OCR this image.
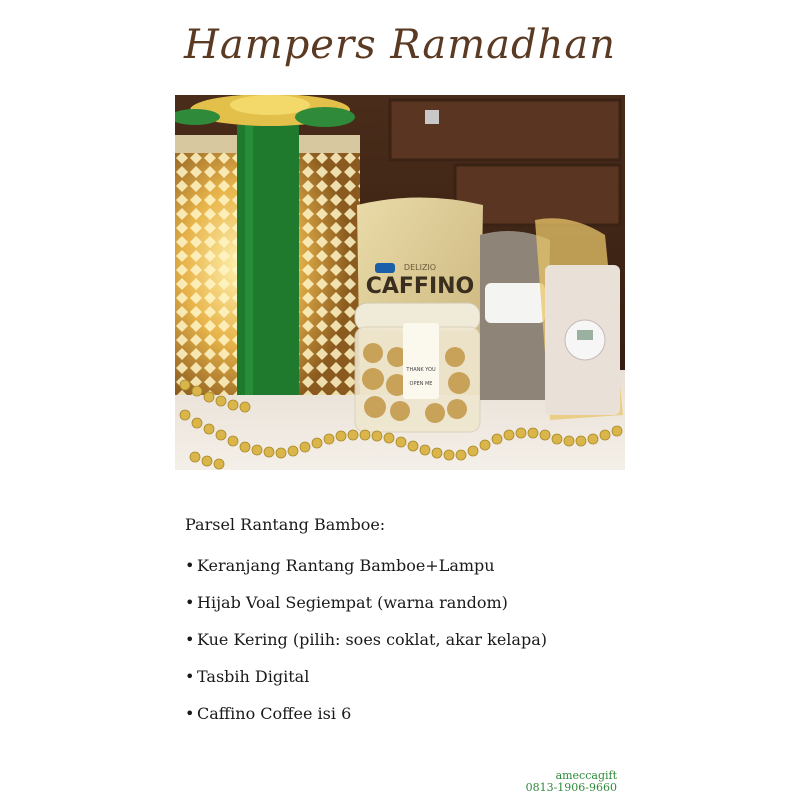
Hampers Ramadhan
DELIZIO
CAFFINO
THANK YOU
OPEN ME
Parsel Rantang Bamboe:
• Keranjang Rantang Bamboe+Lampu
• Hijab Voal Segiempat (warna random)
• Kue Kering (pilih: soes coklat, akar kelapa)
• Tasbih Digital
• Caffino Coffee isi 6
ameccagift
0813-1906-9660
